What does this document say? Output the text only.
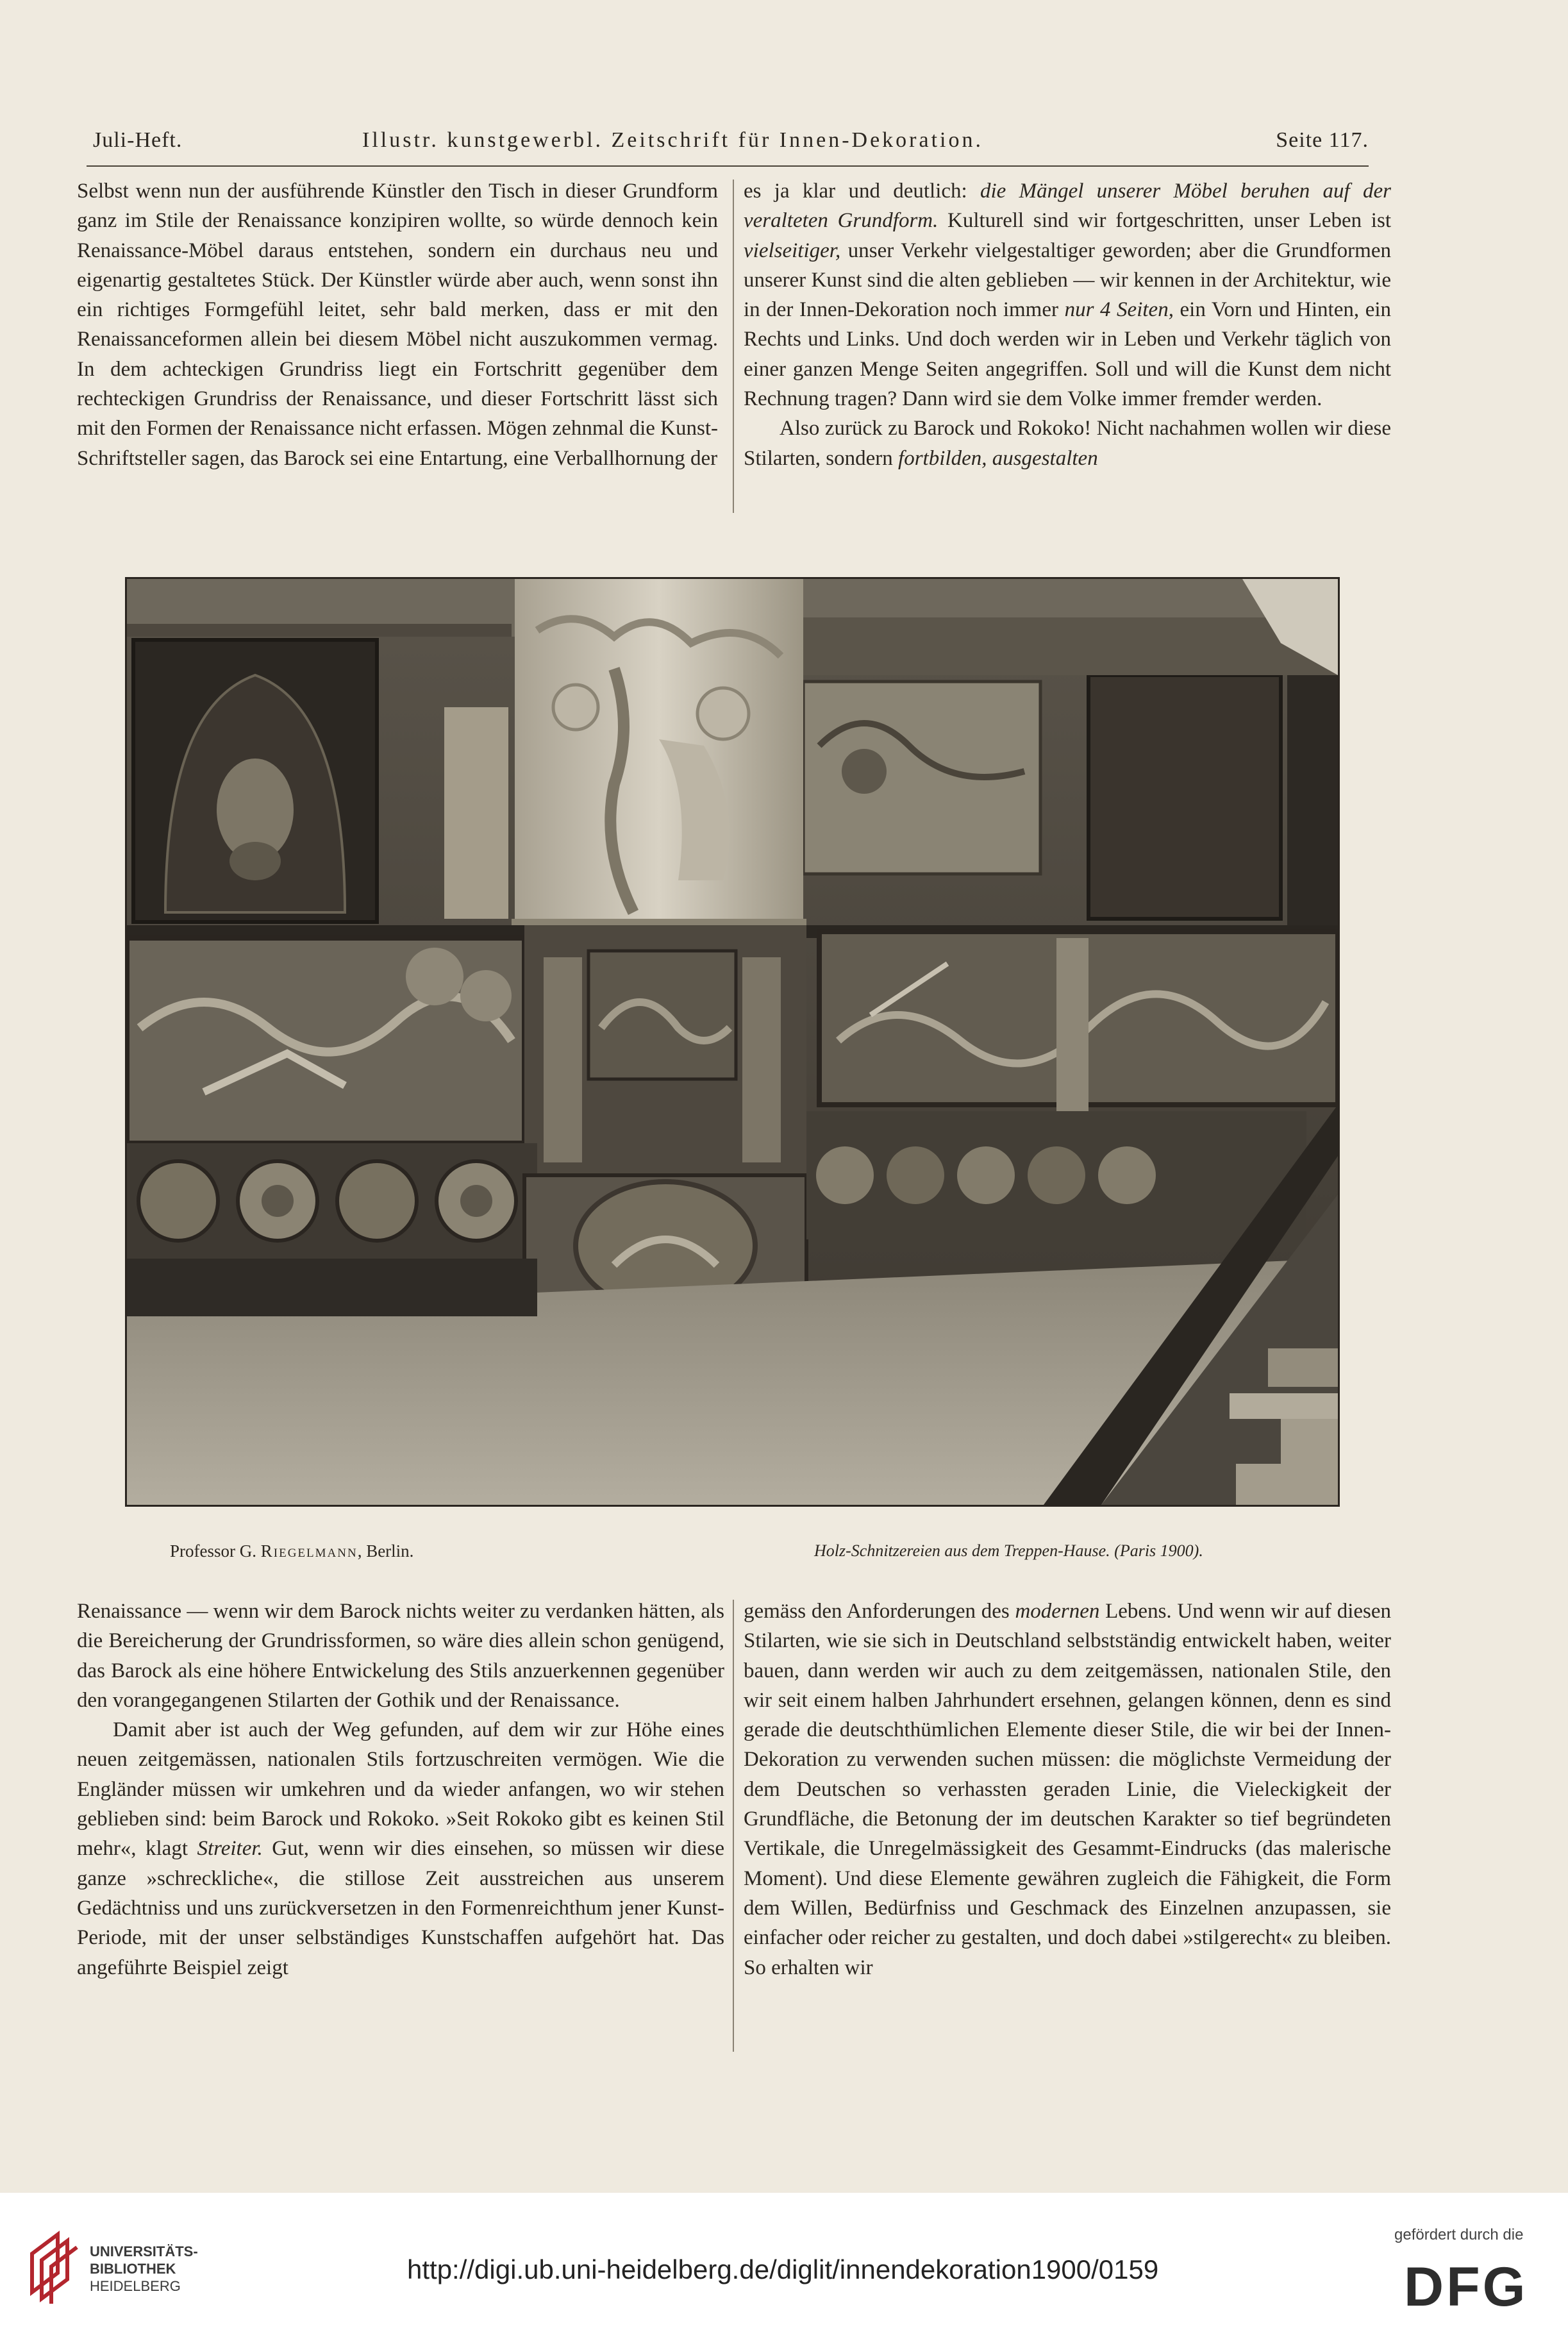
Juli-Heft.	Illustr. kunstgewerbl. Zeitschrift für Innen-Dekoration.	Seite 117.

Selbst wenn nun der ausführende Künstler den Tisch in dieser Grundform ganz im Stile der Renaissance konzipiren wollte, so würde dennoch kein Renaissance-Möbel daraus entstehen, sondern ein durchaus neu und eigenartig gestaltetes Stück. Der Künstler würde aber auch, wenn sonst ihn ein richtiges Formgefühl leitet, sehr bald merken, dass er mit den Renaissanceformen allein bei diesem Möbel nicht auszukommen vermag. In dem achteckigen Grundriss liegt ein Fortschritt gegenüber dem rechteckigen Grundriss der Renaissance, und dieser Fortschritt lässt sich mit den Formen der Renaissance nicht erfassen. Mögen zehnmal die Kunst-Schriftsteller sagen, das Barock sei eine Entartung, eine Verballhornung der

es ja klar und deutlich: die Mängel unserer Möbel beruhen auf der veralteten Grundform. Kulturell sind wir fortgeschritten, unser Leben ist vielseitiger, unser Verkehr vielgestaltiger geworden; aber die Grundformen unserer Kunst sind die alten geblieben — wir kennen in der Architektur, wie in der Innen-Dekoration noch immer nur 4 Seiten, ein Vorn und Hinten, ein Rechts und Links. Und doch werden wir in Leben und Verkehr täglich von einer ganzen Menge Seiten angegriffen. Soll und will die Kunst dem nicht Rechnung tragen? Dann wird sie dem Volke immer fremder werden.

Also zurück zu Barock und Rokoko! Nicht nachahmen wollen wir diese Stilarten, sondern fortbilden, ausgestalten

Professor G. Riegelmann, Berlin.	Holz-Schnitzereien aus dem Treppen-Hause. (Paris 1900).

Renaissance — wenn wir dem Barock nichts weiter zu verdanken hätten, als die Bereicherung der Grundrissformen, so wäre dies allein schon genügend, das Barock als eine höhere Entwickelung des Stils anzuerkennen gegenüber den vorangegangenen Stilarten der Gothik und der Renaissance.

Damit aber ist auch der Weg gefunden, auf dem wir zur Höhe eines neuen zeitgemässen, nationalen Stils fortzuschreiten vermögen. Wie die Engländer müssen wir umkehren und da wieder anfangen, wo wir stehen geblieben sind: beim Barock und Rokoko. »Seit Rokoko gibt es keinen Stil mehr«, klagt Streiter. Gut, wenn wir dies einsehen, so müssen wir diese ganze »schreckliche«, die stillose Zeit ausstreichen aus unserem Gedächtniss und uns zurückversetzen in den Formenreichthum jener Kunst-Periode, mit der unser selbständiges Kunstschaffen aufgehört hat. Das angeführte Beispiel zeigt

gemäss den Anforderungen des modernen Lebens. Und wenn wir auf diesen Stilarten, wie sie sich in Deutschland selbstständig entwickelt haben, weiter bauen, dann werden wir auch zu dem zeitgemässen, nationalen Stile, den wir seit einem halben Jahrhundert ersehnen, gelangen können, denn es sind gerade die deutschthümlichen Elemente dieser Stile, die wir bei der Innen-Dekoration zu verwenden suchen müssen: die möglichste Vermeidung der dem Deutschen so verhassten geraden Linie, die Vieleckigkeit der Grundfläche, die Betonung der im deutschen Karakter so tief begründeten Vertikale, die Unregelmässigkeit des Gesammt-Eindrucks (das malerische Moment). Und diese Elemente gewähren zugleich die Fähigkeit, die Form dem Willen, Bedürfniss und Geschmack des Einzelnen anzupassen, sie einfacher oder reicher zu gestalten, und doch dabei »stilgerecht« zu bleiben. So erhalten wir

UNIVERSITÄTS-
BIBLIOTHEK
HEIDELBERG
http://digi.ub.uni-heidelberg.de/diglit/innendekoration1900/0159
gefördert durch die
DFG
